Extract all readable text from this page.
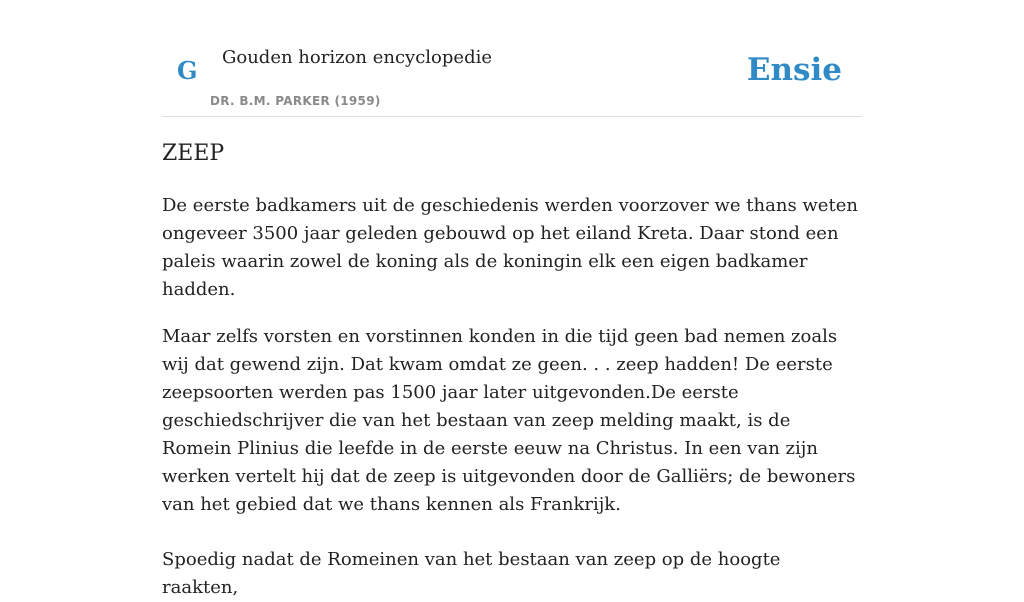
G Gouden horizon encyclopedie
DR. B.M. PARKER (1959)
Ensie
ZEEP

De eerste badkamers uit de geschiedenis werden voorzover we thans weten ongeveer 3500 jaar geleden gebouwd op het eiland Kreta. Daar stond een paleis waarin zowel de koning als de koningin elk een eigen badkamer hadden.

Maar zelfs vorsten en vorstinnen konden in die tijd geen bad nemen zoals wij dat gewend zijn. Dat kwam omdat ze geen. . . zeep hadden! De eerste zeepsoorten werden pas 1500 jaar later uitgevonden.De eerste geschiedschrijver die van het bestaan van zeep melding maakt, is de Romein Plinius die leefde in de eerste eeuw na Christus. In een van zijn werken vertelt hij dat de zeep is uitgevonden door de Galliërs; de bewoners van het gebied dat we thans kennen als Frankrijk.

Spoedig nadat de Romeinen van het bestaan van zeep op de hoogte raakten,
